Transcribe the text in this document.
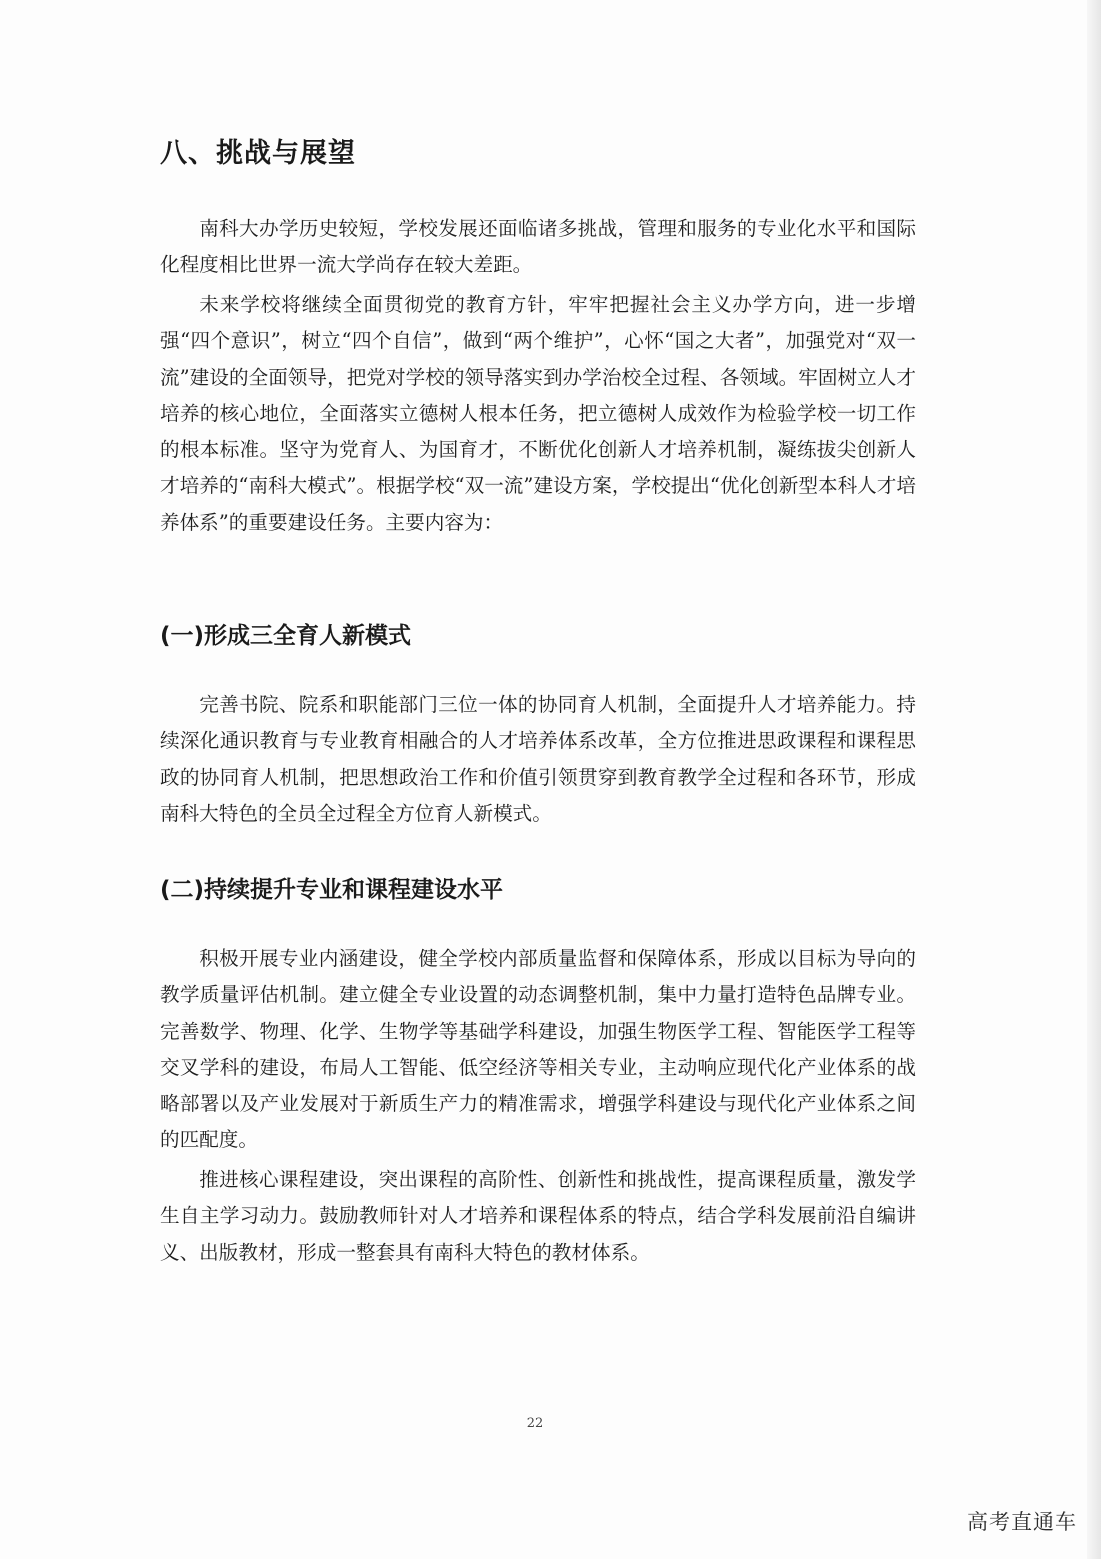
八、挑战与展望

南科大办学历史较短，学校发展还面临诸多挑战，管理和服务的专业化水平和国际化程度相比世界一流大学尚存在较大差距。

未来学校将继续全面贯彻党的教育方针，牢牢把握社会主义办学方向，进一步增强“四个意识”，树立“四个自信”，做到“两个维护”，心怀“国之大者”，加强党对“双一流”建设的全面领导，把党对学校的领导落实到办学治校全过程、各领域。牢固树立人才培养的核心地位，全面落实立德树人根本任务，把立德树人成效作为检验学校一切工作的根本标准。坚守为党育人、为国育才，不断优化创新人才培养机制，凝练拔尖创新人才培养的“南科大模式”。根据学校“双一流”建设方案，学校提出“优化创新型本科人才培养体系”的重要建设任务。主要内容为：

(一)形成三全育人新模式

完善书院、院系和职能部门三位一体的协同育人机制，全面提升人才培养能力。持续深化通识教育与专业教育相融合的人才培养体系改革，全方位推进思政课程和课程思政的协同育人机制，把思想政治工作和价值引领贯穿到教育教学全过程和各环节，形成南科大特色的全员全过程全方位育人新模式。

(二)持续提升专业和课程建设水平

积极开展专业内涵建设，健全学校内部质量监督和保障体系，形成以目标为导向的教学质量评估机制。建立健全专业设置的动态调整机制，集中力量打造特色品牌专业。完善数学、物理、化学、生物学等基础学科建设，加强生物医学工程、智能医学工程等交叉学科的建设，布局人工智能、低空经济等相关专业，主动响应现代化产业体系的战略部署以及产业发展对于新质生产力的精准需求，增强学科建设与现代化产业体系之间的匹配度。

推进核心课程建设，突出课程的高阶性、创新性和挑战性，提高课程质量，激发学生自主学习动力。鼓励教师针对人才培养和课程体系的特点，结合学科发展前沿自编讲义、出版教材，形成一整套具有南科大特色的教材体系。

22
高考直通车
